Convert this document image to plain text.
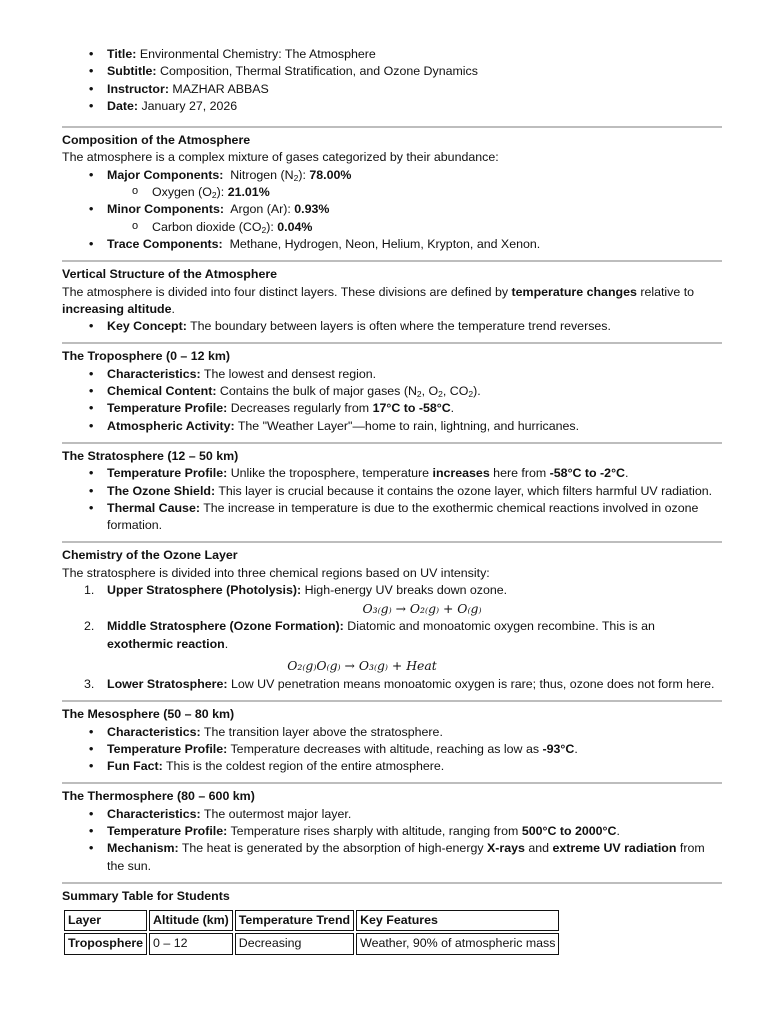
• Title: Environmental Chemistry: The Atmosphere
• Subtitle: Composition, Thermal Stratification, and Ozone Dynamics
• Instructor: MAZHAR ABBAS
• Date: January 27, 2026
Composition of the Atmosphere
The atmosphere is a complex mixture of gases categorized by their abundance:
• Major Components: Nitrogen $(N_2)$: 78.00%
o Oxygen $(O_2)$: 21.01%
• Minor Components: Argon (Ar): 0.93%
o Carbon dioxide $(CO_2)$: 0.04%
• Trace Components: Methane, Hydrogen, Neon, Helium, Krypton, and Xenon.
Vertical Structure of the Atmosphere
The atmosphere is divided into four distinct layers. These divisions are defined by temperature changes relative to increasing altitude.
• Key Concept: The boundary between layers is often where the temperature trend reverses.
The Troposphere (0 – 12 km)
• Characteristics: The lowest and densest region.
• Chemical Content: Contains the bulk of major gases ($N_2$, $O_2$, $CO_2$).
• Temperature Profile: Decreases regularly from 17°C to -58°C.
• Atmospheric Activity: The "Weather Layer"—home to rain, lightning, and hurricanes.
The Stratosphere (12 – 50 km)
• Temperature Profile: Unlike the troposphere, temperature increases here from -58°C to -2°C.
• The Ozone Shield: This layer is crucial because it contains the ozone layer, which filters harmful UV radiation.
• Thermal Cause: The increase in temperature is due to the exothermic chemical reactions involved in ozone formation.
Chemistry of the Ozone Layer
The stratosphere is divided into three chemical regions based on UV intensity:
1. Upper Stratosphere (Photolysis): High-energy UV breaks down ozone.
O₃₍g₎ → O₂₍g₎ + O₍g₎
2. Middle Stratosphere (Ozone Formation): Diatomic and monoatomic oxygen recombine. This is an exothermic reaction.
O₂₍g₎O₍g₎ → O₃₍g₎ + Heat
3. Lower Stratosphere: Low UV penetration means monoatomic oxygen is rare; thus, ozone does not form here.
The Mesosphere (50 – 80 km)
• Characteristics: The transition layer above the stratosphere.
• Temperature Profile: Temperature decreases with altitude, reaching as low as -93°C.
• Fun Fact: This is the coldest region of the entire atmosphere.
The Thermosphere (80 – 600 km)
• Characteristics: The outermost major layer.
• Temperature Profile: Temperature rises sharply with altitude, ranging from 500°C to 2000°C.
• Mechanism: The heat is generated by the absorption of high-energy X-rays and extreme UV radiation from the sun.
Summary Table for Students
Layer	Altitude (km)	Temperature Trend	Key Features
Troposphere	0 – 12	Decreasing	Weather, 90% of atmospheric mass
